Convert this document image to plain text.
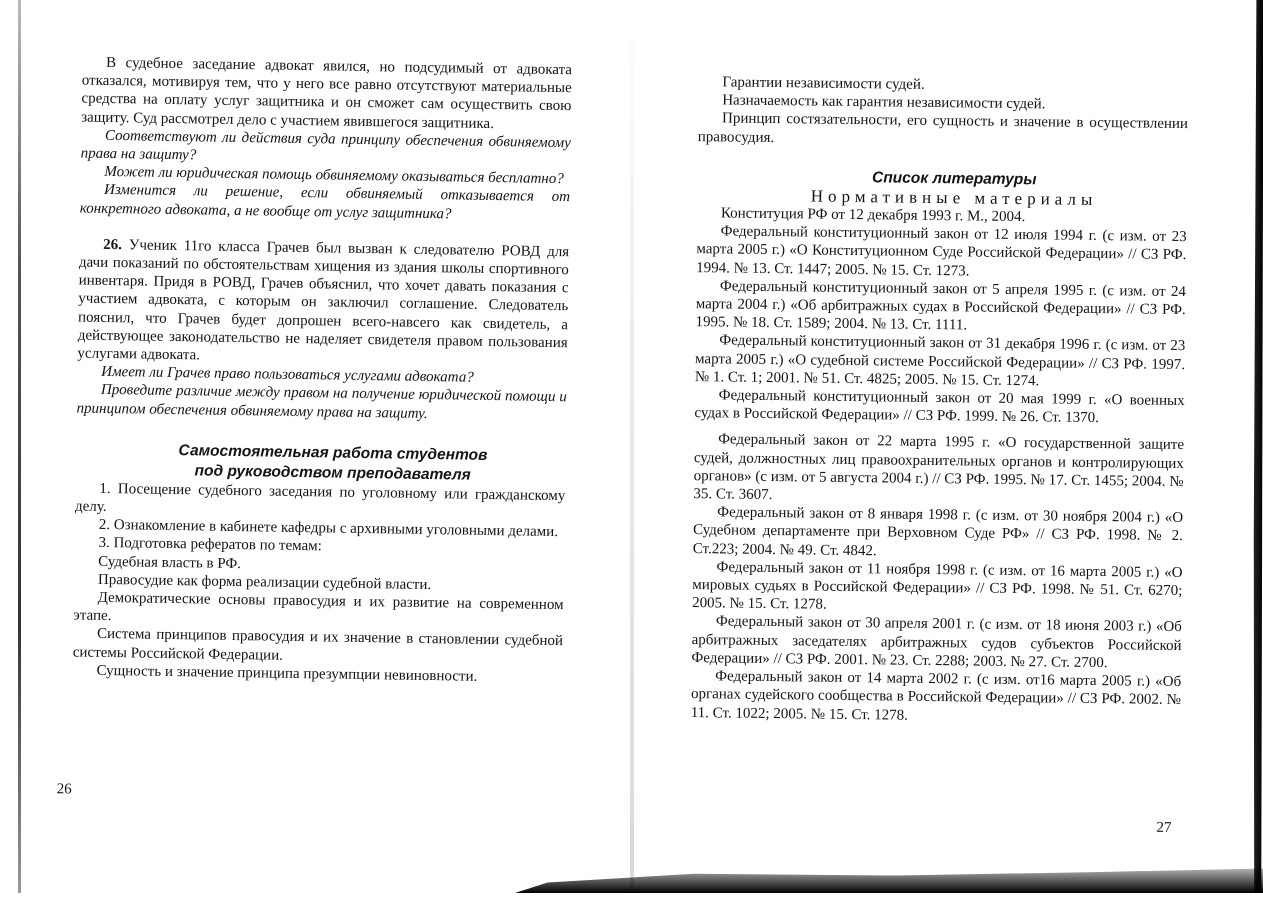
В судебное заседание адвокат явился, но подсудимый от адвоката отказался, мотивируя тем, что у него все равно отсутствуют материальные средства на оплату услуг защитника и он сможет сам осуществить свою защиту. Суд рассмотрел дело с участием явившегося защитника.

Соответствуют ли действия суда принципу обеспечения обвиняемому права на защиту?

Может ли юридическая помощь обвиняемому оказываться бесплатно?

Изменится ли решение, если обвиняемый отказывается от конкретного адвоката, а не вообще от услуг защитника?

26. Ученик 11го класса Грачев был вызван к следователю РОВД для дачи показаний по обстоятельствам хищения из здания школы спортивного инвентаря. Придя в РОВД, Грачев объяснил, что хочет давать показания с участием адвоката, с которым он заключил соглашение. Следователь пояснил, что Грачев будет допрошен всего-навсего как свидетель, а действующее законодательство не наделяет свидетеля правом пользования услугами адвоката.

Имеет ли Грачев право пользоваться услугами адвоката?

Проведите различие между правом на получение юридической помощи и принципом обеспечения обвиняемому права на защиту.

Самостоятельная работа студентов

под руководством преподавателя

1. Посещение судебного заседания по уголовному или гражданскому делу.

2. Ознакомление в кабинете кафедры с архивными уголовными делами.

3. Подготовка рефератов по темам:

Судебная власть в РФ.

Правосудие как форма реализации судебной власти.

Демократические основы правосудия и их развитие на современном этапе.

Система принципов правосудия и их значение в становлении судебной системы Российской Федерации.

Сущность и значение принципа презумпции невиновности.

26

Гарантии независимости судей.

Назначаемость как гарантия независимости судей.

Принцип состязательности, его сущность и значение в осуществлении правосудия.

Список литературы

Нормативные материалы

Конституция РФ от 12 декабря 1993 г. М., 2004.

Федеральный конституционный закон от 12 июля 1994 г. (с изм. от 23 марта 2005 г.) «О Конституционном Суде Российской Федерации» // СЗ РФ. 1994. № 13. Ст. 1447; 2005. № 15. Ст. 1273.

Федеральный конституционный закон от 5 апреля 1995 г. (с изм. от 24 марта 2004 г.) «Об арбитражных судах в Российской Федерации» // СЗ РФ. 1995. № 18. Ст. 1589; 2004. № 13. Ст. 1111.

Федеральный конституционный закон от 31 декабря 1996 г. (с изм. от 23 марта 2005 г.) «О судебной системе Российской Федерации» // СЗ РФ. 1997. № 1. Ст. 1; 2001. № 51. Ст. 4825; 2005. № 15. Ст. 1274.

Федеральный конституционный закон от 20 мая 1999 г. «О военных судах в Российской Федерации» // СЗ РФ. 1999. № 26. Ст. 1370.

Федеральный закон от 22 марта 1995 г. «О государственной защите судей, должностных лиц правоохранительных органов и контролирующих органов» (с изм. от 5 августа 2004 г.) // СЗ РФ. 1995. № 17. Ст. 1455; 2004. № 35. Ст. 3607.

Федеральный закон от 8 января 1998 г. (с изм. от 30 ноября 2004 г.) «О Судебном департаменте при Верховном Суде РФ» // СЗ РФ. 1998. № 2. Ст.223; 2004. № 49. Ст. 4842.

Федеральный закон от 11 ноября 1998 г. (с изм. от 16 марта 2005 г.) «О мировых судьях в Российской Федерации» // СЗ РФ. 1998. № 51. Ст. 6270; 2005. № 15. Ст. 1278.

Федеральный закон от 30 апреля 2001 г. (с изм. от 18 июня 2003 г.) «Об арбитражных заседателях арбитражных судов субъектов Российской Федерации» // СЗ РФ. 2001. № 23. Ст. 2288; 2003. № 27. Ст. 2700.

Федеральный закон от 14 марта 2002 г. (с изм. от16 марта 2005 г.) «Об органах судейского сообщества в Российской Федерации» // СЗ РФ. 2002. № 11. Ст. 1022; 2005. № 15. Ст. 1278.

27
